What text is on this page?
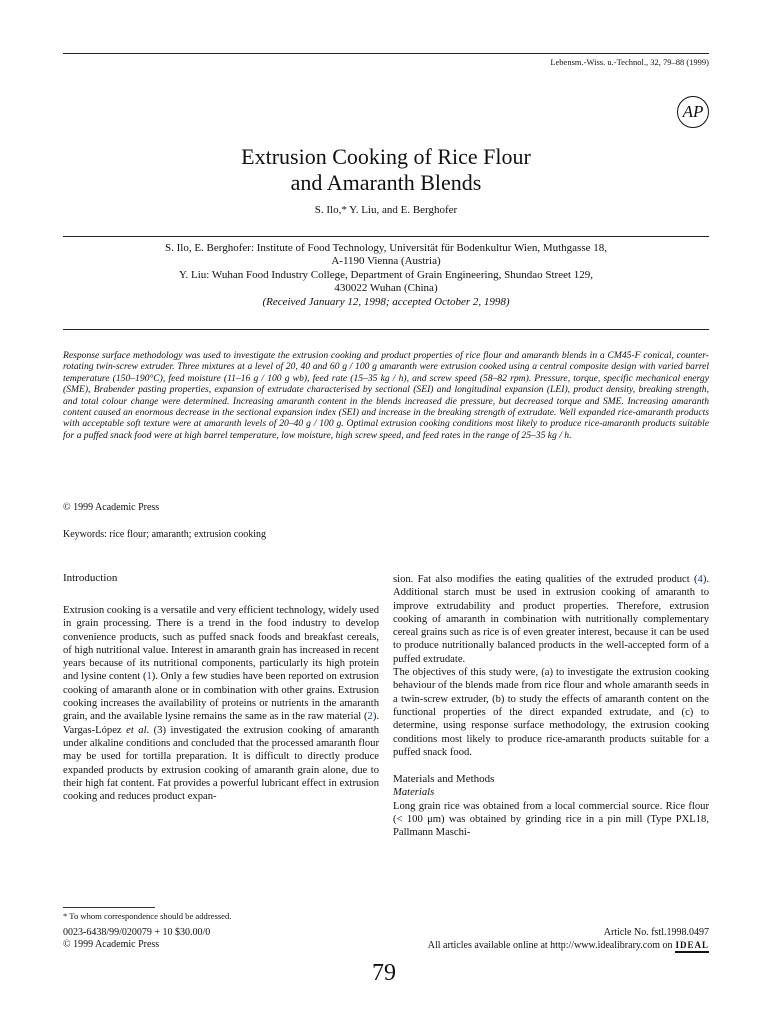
Lebensm.-Wiss. u.-Technol., 32, 79–88 (1999)
AP
Extrusion Cooking of Rice Flour
and Amaranth Blends
S. Ilo,* Y. Liu, and E. Berghofer
S. Ilo, E. Berghofer: Institute of Food Technology, Universität für Bodenkultur Wien, Muthgasse 18,
A-1190 Vienna (Austria)
Y. Liu: Wuhan Food Industry College, Department of Grain Engineering, Shundao Street 129,
430022 Wuhan (China)
(Received January 12, 1998; accepted October 2, 1998)
Response surface methodology was used to investigate the extrusion cooking and product properties of rice flour and amaranth blends in a CM45-F conical, counter-rotating twin-screw extruder. Three mixtures at a level of 20, 40 and 60 g / 100 g amaranth were extrusion cooked using a central composite design with varied barrel temperature (150–190°C), feed moisture (11–16 g / 100 g wb), feed rate (15–35 kg / h), and screw speed (58–82 rpm). Pressure, torque, specific mechanical energy (SME), Brabender pasting properties, expansion of extrudate characterised by sectional (SEI) and longitudinal expansion (LEI), product density, breaking strength, and total colour change were determined. Increasing amaranth content in the blends increased die pressure, but decreased torque and SME. Increasing amaranth content caused an enormous decrease in the sectional expansion index (SEI) and increase in the breaking strength of extrudate. Well expanded rice-amaranth products with acceptable soft texture were at amaranth levels of 20–40 g / 100 g. Optimal extrusion cooking conditions most likely to produce rice-amaranth products suitable for a puffed snack food were at high barrel temperature, low moisture, high screw speed, and feed rates in the range of 25–35 kg / h.
© 1999 Academic Press
Keywords: rice flour; amaranth; extrusion cooking
Introduction

Extrusion cooking is a versatile and very efficient technology, widely used in grain processing. There is a trend in the food industry to develop convenience products, such as puffed snack foods and breakfast cereals, of high nutritional value. Interest in amaranth grain has increased in recent years because of its nutritional components, particularly its high protein and lysine content (1). Only a few studies have been reported on extrusion cooking of amaranth alone or in combination with other grains. Extrusion cooking increases the availability of proteins or nutrients in the amaranth grain, and the available lysine remains the same as in the raw material (2). Vargas-López et al. (3) investigated the extrusion cooking of amaranth under alkaline conditions and concluded that the processed amaranth flour may be used for tortilla preparation. It is difficult to directly produce expanded products by extrusion cooking of amaranth grain alone, due to their high fat content. Fat provides a powerful lubricant effect in extrusion cooking and reduces product expan-

sion. Fat also modifies the eating qualities of the extruded product (4). Additional starch must be used in extrusion cooking of amaranth to improve extrudability and product properties. Therefore, extrusion cooking of amaranth in combination with nutritionally complementary cereal grains such as rice is of even greater interest, because it can be used to produce nutritionally balanced products in the well-accepted form of a puffed extrudate.

The objectives of this study were, (a) to investigate the extrusion cooking behaviour of the blends made from rice flour and whole amaranth seeds in a twin-screw extruder, (b) to study the effects of amaranth content on the functional properties of the direct expanded extrudate, and (c) to determine, using response surface methodology, the extrusion cooking conditions most likely to produce rice-amaranth products suitable for a puffed snack food.

Materials and Methods

Materials

Long grain rice was obtained from a local commercial source. Rice flour (< 100 μm) was obtained by grinding rice in a pin mill (Type PXL18, Pallmann Maschi-

* To whom correspondence should be addressed.
0023-6438/99/020079 + 10 $30.00/0
© 1999 Academic Press
Article No. fstl.1998.0497
All articles available online at http://www.idealibrary.com on IDEAL
79
